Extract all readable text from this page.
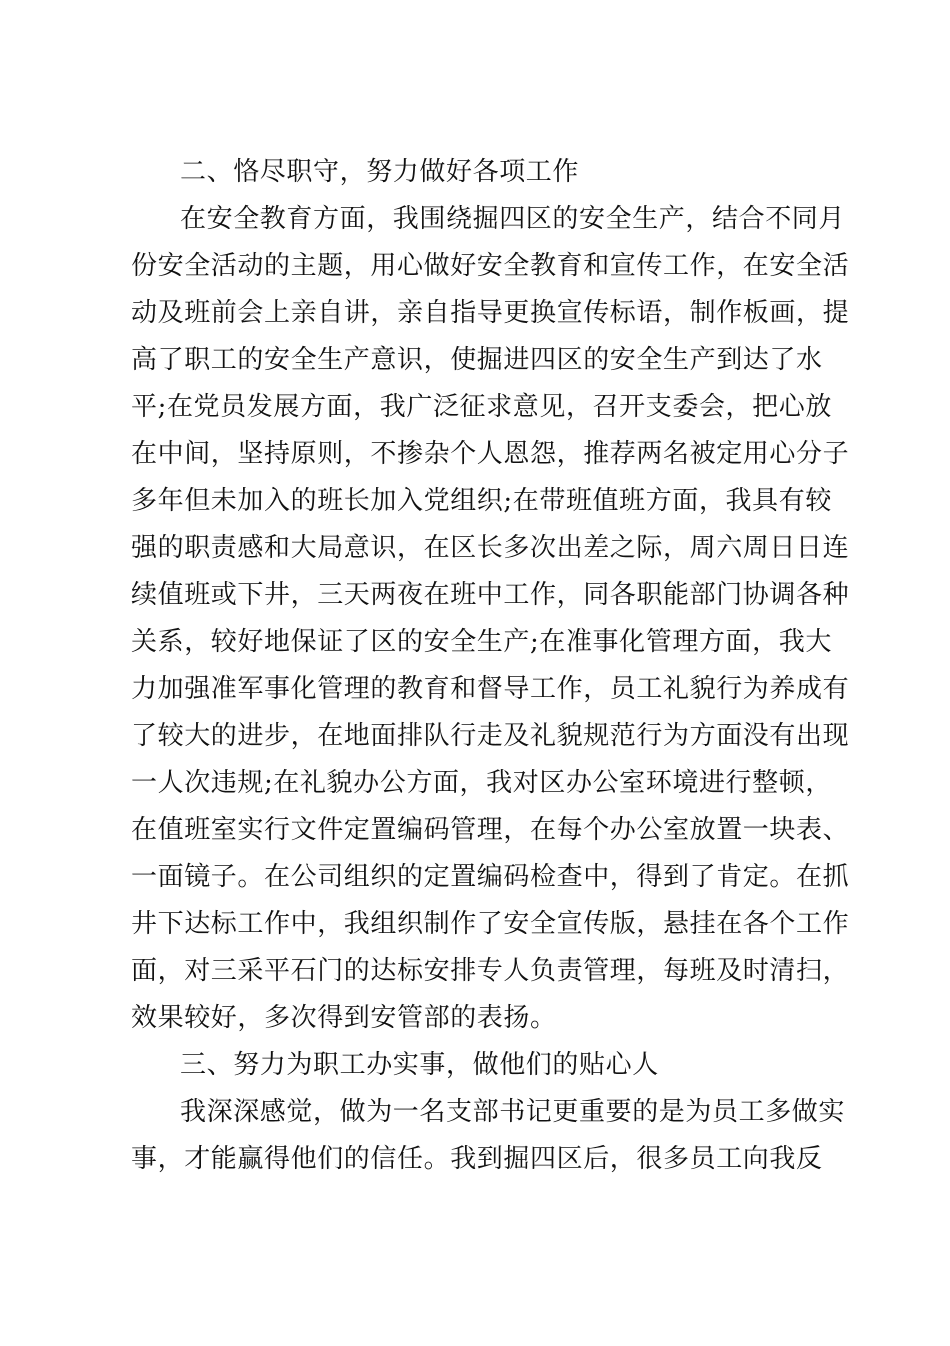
二、恪尽职守，努力做好各项工作
在安全教育方面，我围绕掘四区的安全生产，结合不同月
份安全活动的主题，用心做好安全教育和宣传工作，在安全活
动及班前会上亲自讲，亲自指导更换宣传标语，制作板画，提
高了职工的安全生产意识，使掘进四区的安全生产到达了水
平;在党员发展方面，我广泛征求意见，召开支委会，把心放
在中间，坚持原则，不掺杂个人恩怨，推荐两名被定用心分子
多年但未加入的班长加入党组织;在带班值班方面，我具有较
强的职责感和大局意识，在区长多次出差之际，周六周日日连
续值班或下井，三天两夜在班中工作，同各职能部门协调各种
关系，较好地保证了区的安全生产;在准事化管理方面，我大
力加强准军事化管理的教育和督导工作，员工礼貌行为养成有
了较大的进步，在地面排队行走及礼貌规范行为方面没有出现
一人次违规;在礼貌办公方面，我对区办公室环境进行整顿，
在值班室实行文件定置编码管理，在每个办公室放置一块表、
一面镜子。在公司组织的定置编码检查中，得到了肯定。在抓
井下达标工作中，我组织制作了安全宣传版，悬挂在各个工作
面，对三采平石门的达标安排专人负责管理，每班及时清扫，
效果较好，多次得到安管部的表扬。
三、努力为职工办实事，做他们的贴心人
我深深感觉，做为一名支部书记更重要的是为员工多做实
事，才能赢得他们的信任。我到掘四区后，很多员工向我反
